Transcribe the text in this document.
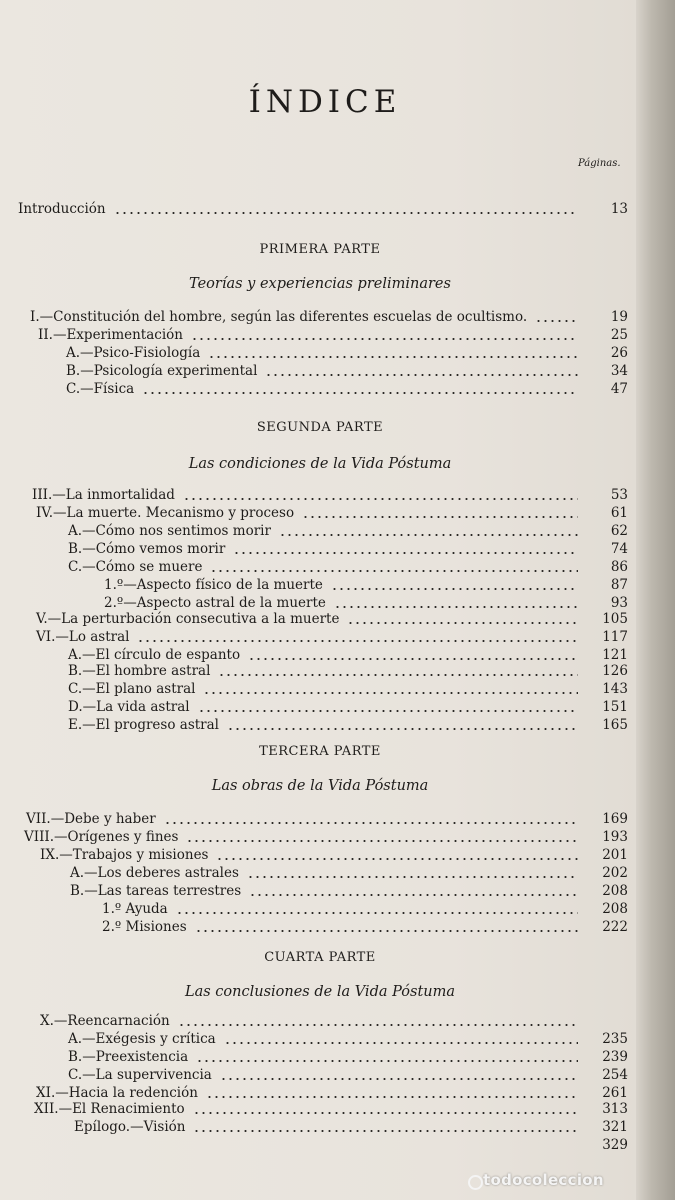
ÍNDICE
Páginas.
Introducción	13
PRIMERA PARTE
Teorías y experiencias preliminares
I.—Constitución del hombre, según las diferentes escuelas de ocultismo.	19
II.—Experimentación	25
A.—Psico-Fisiología	26
B.—Psicología experimental	34
C.—Física	47
SEGUNDA PARTE
Las condiciones de la Vida Póstuma
III.—La inmortalidad	53
IV.—La muerte. Mecanismo y proceso	61
A.—Cómo nos sentimos morir	62
B.—Cómo vemos morir	74
C.—Cómo se muere	86
1.º—Aspecto físico de la muerte	87
2.º—Aspecto astral de la muerte	93
V.—La perturbación consecutiva a la muerte	105
VI.—Lo astral	117
A.—El círculo de espanto	121
B.—El hombre astral	126
C.—El plano astral	143
D.—La vida astral	151
E.—El progreso astral	165
TERCERA PARTE
Las obras de la Vida Póstuma
VII.—Debe y haber	169
VIII.—Orígenes y fines	193
IX.—Trabajos y misiones	201
A.—Los deberes astrales	202
B.—Las tareas terrestres	208
1.º Ayuda	208
2.º Misiones	222
CUARTA PARTE
Las conclusiones de la Vida Póstuma
X.—Reencarnación
A.—Exégesis y crítica	235
B.—Preexistencia	239
C.—La supervivencia	254
XI.—Hacia la redención	261
XII.—El Renacimiento	313
Epílogo.—Visión	321
329
todocoleccion
